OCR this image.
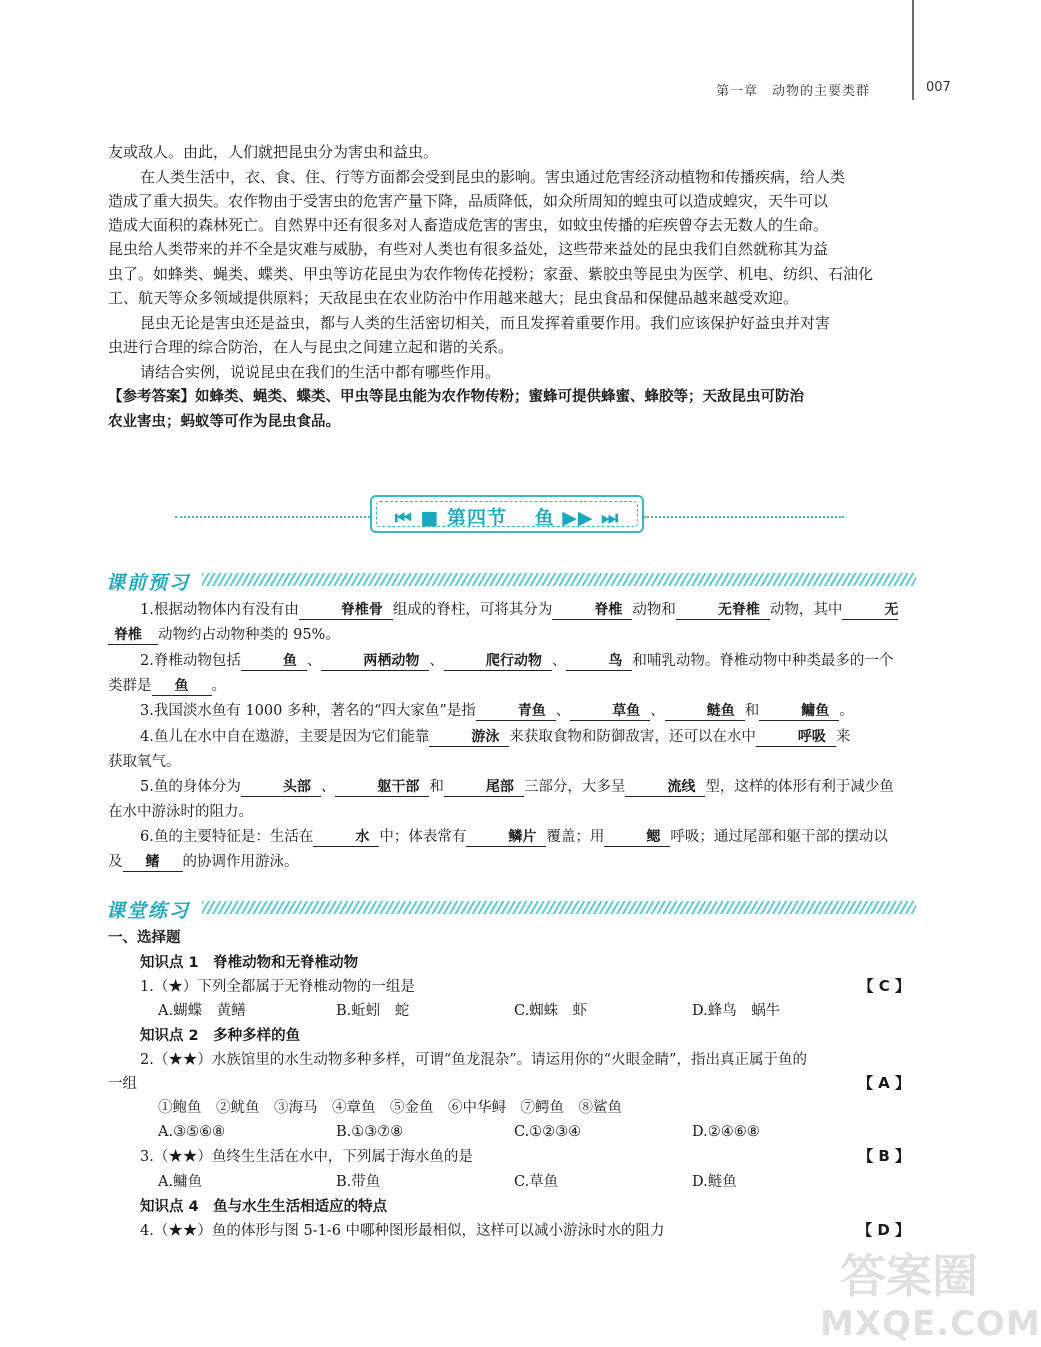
第一章　动物的主要类群	007
友或敌人。由此，人们就把昆虫分为害虫和益虫。
在人类生活中，衣、食、住、行等方面都会受到昆虫的影响。害虫通过危害经济动植物和传播疾病，给人类
造成了重大损失。农作物由于受害虫的危害产量下降，品质降低，如众所周知的蝗虫可以造成蝗灾，天牛可以
造成大面积的森林死亡。自然界中还有很多对人畜造成危害的害虫，如蚊虫传播的疟疾曾夺去无数人的生命。
昆虫给人类带来的并不全是灾难与威胁，有些对人类也有很多益处，这些带来益处的昆虫我们自然就称其为益
虫了。如蜂类、蝇类、蝶类、甲虫等访花昆虫为农作物传花授粉；家蚕、紫胶虫等昆虫为医学、机电、纺织、石油化
工、航天等众多领域提供原料；天敌昆虫在农业防治中作用越来越大；昆虫食品和保健品越来越受欢迎。
昆虫无论是害虫还是益虫，都与人类的生活密切相关，而且发挥着重要作用。我们应该保护好益虫并对害
虫进行合理的综合防治，在人与昆虫之间建立起和谐的关系。
请结合实例，说说昆虫在我们的生活中都有哪些作用。
【参考答案】如蜂类、蝇类、蝶类、甲虫等昆虫能为农作物传粉；蜜蜂可提供蜂蜜、蜂胶等；天敌昆虫可防治
农业害虫；蚂蚁等可作为昆虫食品。
⏮ ■ 第四节　 鱼 ▶▶ ⏭
课前预习
1.根据动物体内有没有由	脊椎骨 组成的脊柱，可将其分为	脊椎 动物和	无脊椎 动物，其中	无
脊椎 动物约占动物种类的 95%。
2.脊椎动物包括	鱼 、	两栖动物 、	爬行动物 、	鸟 和哺乳动物。脊椎动物中种类最多的一个
类群是 鱼 。
3.我国淡水鱼有 1000 多种，著名的“四大家鱼”是指	青鱼 、	草鱼 、	鲢鱼 和	鳙鱼 。
4.鱼儿在水中自在遨游，主要是因为它们能靠	游泳 来获取食物和防御敌害，还可以在水中	呼吸 来
获取氧气。
5.鱼的身体分为	头部 、	躯干部 和	尾部 三部分，大多呈	流线 型，这样的体形有利于减少鱼
在水中游泳时的阻力。
6.鱼的主要特征是：生活在	水 中；体表常有	鳞片 覆盖；用	鳃 呼吸；通过尾部和躯干部的摆动以
及 鳍 的协调作用游泳。
课堂练习
一、选择题
知识点 1　脊椎动物和无脊椎动物
1.（★）下列全都属于无脊椎动物的一组是	【 C 】
A.蝴蝶　黄鳝	B.蚯蚓　蛇	C.蜘蛛　虾	D.蜂鸟　蜗牛
知识点 2　多种多样的鱼
2.（★★）水族馆里的水生动物多种多样，可谓“鱼龙混杂”。请运用你的“火眼金睛”，指出真正属于鱼的
一组	【 A 】
①鲍鱼　②鱿鱼　③海马　④章鱼　⑤金鱼　⑥中华鲟　⑦鳄鱼　⑧鲨鱼
A.③⑤⑥⑧	B.①③⑦⑧	C.①②③④	D.②④⑥⑧
3.（★★）鱼终生生活在水中，下列属于海水鱼的是	【 B 】
A.鳙鱼	B.带鱼	C.草鱼	D.鲢鱼
知识点 4　鱼与水生生活相适应的特点
4.（★★）鱼的体形与图 5-1-6 中哪种图形最相似，这样可以减小游泳时水的阻力	【 D 】
答案圈
MXQE.COM
